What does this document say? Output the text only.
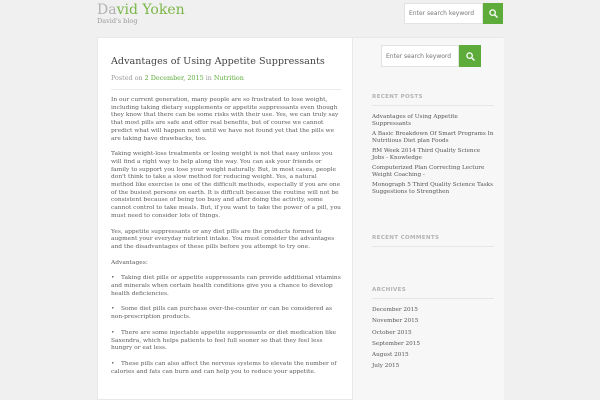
David Yoken
David's blog
Enter search keyword
Advantages of Using Appetite Suppressants
Posted on 2 December, 2015 in Nutrition

In our current generation, many people are so frustrated to lose weight, including taking dietary supplements or appetite suppressants even though they know that there can be some risks with their use. Yes, we can truly say that most pills are safe and offer real benefits, but of course we cannot predict what will happen next until we have not found yet that the pills we are taking have drawbacks, too.

Taking weight-loss treatments or losing weight is not that easy unless you will find a right way to help along the way. You can ask your friends or family to support you lose your weight naturally. But, in most cases, people don't think to take a slow method for reducing weight. Yes, a natural method like exercise is one of the difficult methods, especially if you are one of the busiest persons on earth. It is difficult because the routine will not be consistent because of being too busy and after doing the activity, some cannot control to take meals. But, if you want to take the power of a pill, you must need to consider lots of things.

Yes, appetite suppressants or any diet pills are the products formed to augment your everyday nutrient intake. You must consider the advantages and the disadvantages of these pills before you attempt to try one.

Advantages:

• Taking diet pills or appetite suppressants can provide additional vitamins and minerals when certain health conditions give you a chance to develop health deficiencies.

• Some diet pills can purchase over-the-counter or can be considered as non-prescription products.

• There are some injectable appetite suppressants or diet medication like Saxendra, which helps patients to feel full sooner so that they feel less hungry or eat less.

• These pills can also affect the nervous systems to elevate the number of calories and fats can burn and can help you to reduce your appetite.

Enter search keyword
RECENT POSTS
Advantages of Using Appetite Suppressants
A Basic Breakdown Of Smart Programs In Nutritious Diet plan Foods
RM Week 2014 Third Quality Science Jobs - Knowledge
Computerized Plan Correcting Lecture Weight Coaching -
Monograph 5 Third Quality Science Tasks Suggestions to Strengthen
RECENT COMMENTS
ARCHIVES
December 2015
November 2015
October 2015
September 2015
August 2015
July 2015
